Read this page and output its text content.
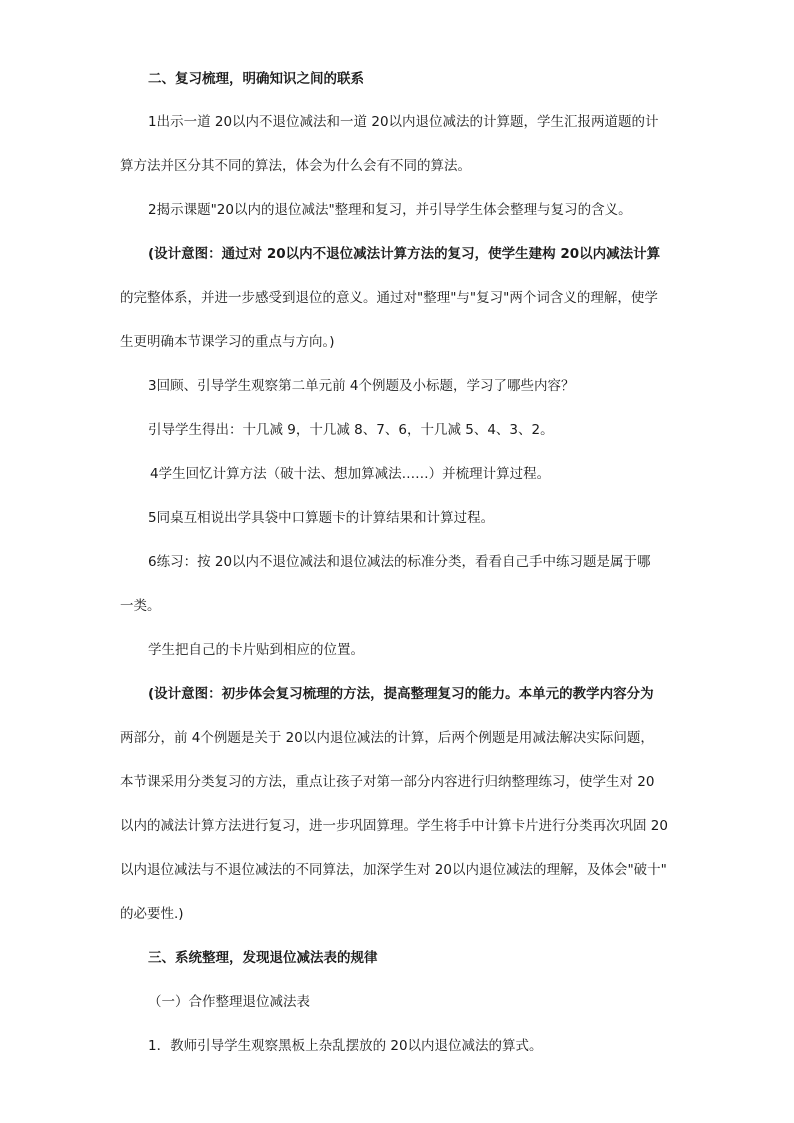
二、复习梳理，明确知识之间的联系
1出示一道 20以内不退位减法和一道 20以内退位减法的计算题，学生汇报两道题的计
算方法并区分其不同的算法，体会为什么会有不同的算法。
2揭示课题"20以内的退位减法"整理和复习，并引导学生体会整理与复习的含义。
(设计意图：通过对 20以内不退位减法计算方法的复习，使学生建构 20以内减法计算
的完整体系，并进一步感受到退位的意义。通过对"整理"与"复习"两个词含义的理解，使学
生更明确本节课学习的重点与方向。)
3回顾、引导学生观察第二单元前 4个例题及小标题，学习了哪些内容？
引导学生得出：十几减 9，十几减 8、7、6，十几减 5、4、3、2。
4学生回忆计算方法（破十法、想加算减法……）并梳理计算过程。
5同桌互相说出学具袋中口算题卡的计算结果和计算过程。
6练习：按 20以内不退位减法和退位减法的标准分类，看看自己手中练习题是属于哪
一类。
学生把自己的卡片贴到相应的位置。
(设计意图：初步体会复习梳理的方法，提高整理复习的能力。本单元的教学内容分为
两部分，前 4个例题是关于 20以内退位减法的计算，后两个例题是用减法解决实际问题，
本节课采用分类复习的方法，重点让孩子对第一部分内容进行归纳整理练习，使学生对 20
以内的减法计算方法进行复习，进一步巩固算理。学生将手中计算卡片进行分类再次巩固 20
以内退位减法与不退位减法的不同算法，加深学生对 20以内退位减法的理解，及体会"破十"
的必要性.)
三、系统整理，发现退位减法表的规律
（一）合作整理退位减法表
1．教师引导学生观察黑板上杂乱摆放的 20以内退位减法的算式。
